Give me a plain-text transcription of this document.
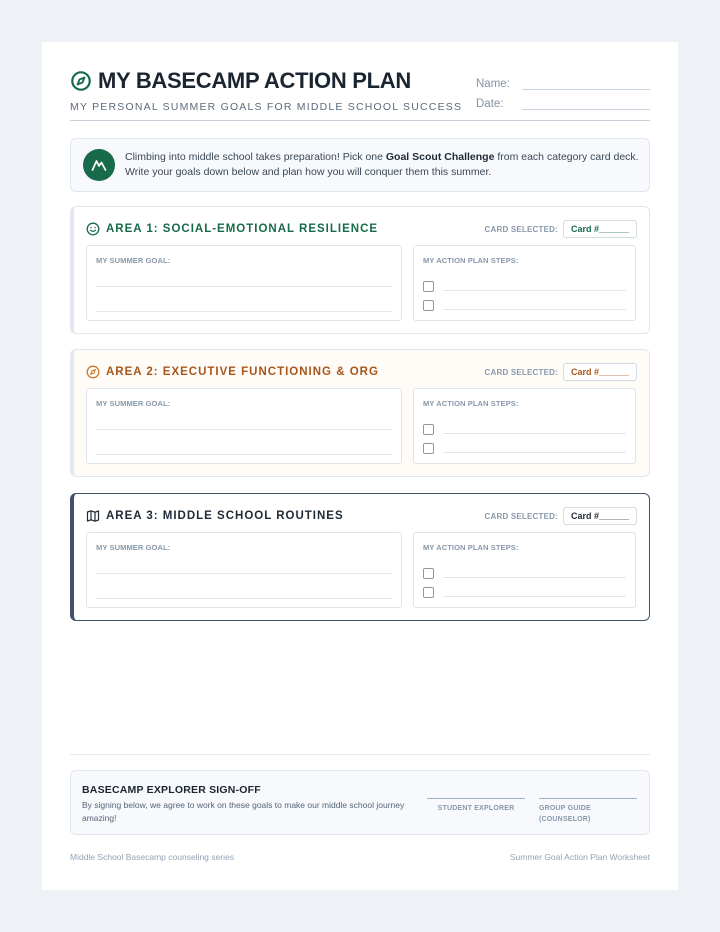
MY BASECAMP ACTION PLAN
MY PERSONAL SUMMER GOALS FOR MIDDLE SCHOOL SUCCESS
Name:
Date:

Climbing into middle school takes preparation! Pick one Goal Scout Challenge from each category card deck.
Write your goals down below and plan how you will conquer them this summer.

AREA 1: SOCIAL-EMOTIONAL RESILIENCE	CARD SELECTED:	Card #______
MY SUMMER GOAL:	MY ACTION PLAN STEPS:
AREA 2: EXECUTIVE FUNCTIONING & ORG	CARD SELECTED:	Card #______
MY SUMMER GOAL:	MY ACTION PLAN STEPS:
AREA 3: MIDDLE SCHOOL ROUTINES	CARD SELECTED:	Card #______
MY SUMMER GOAL:	MY ACTION PLAN STEPS:
BASECAMP EXPLORER SIGN-OFF
By signing below, we agree to work on these goals to make our middle school journey amazing!
STUDENT EXPLORER	GROUP GUIDE (COUNSELOR)
Middle School Basecamp counseling series	Summer Goal Action Plan Worksheet
